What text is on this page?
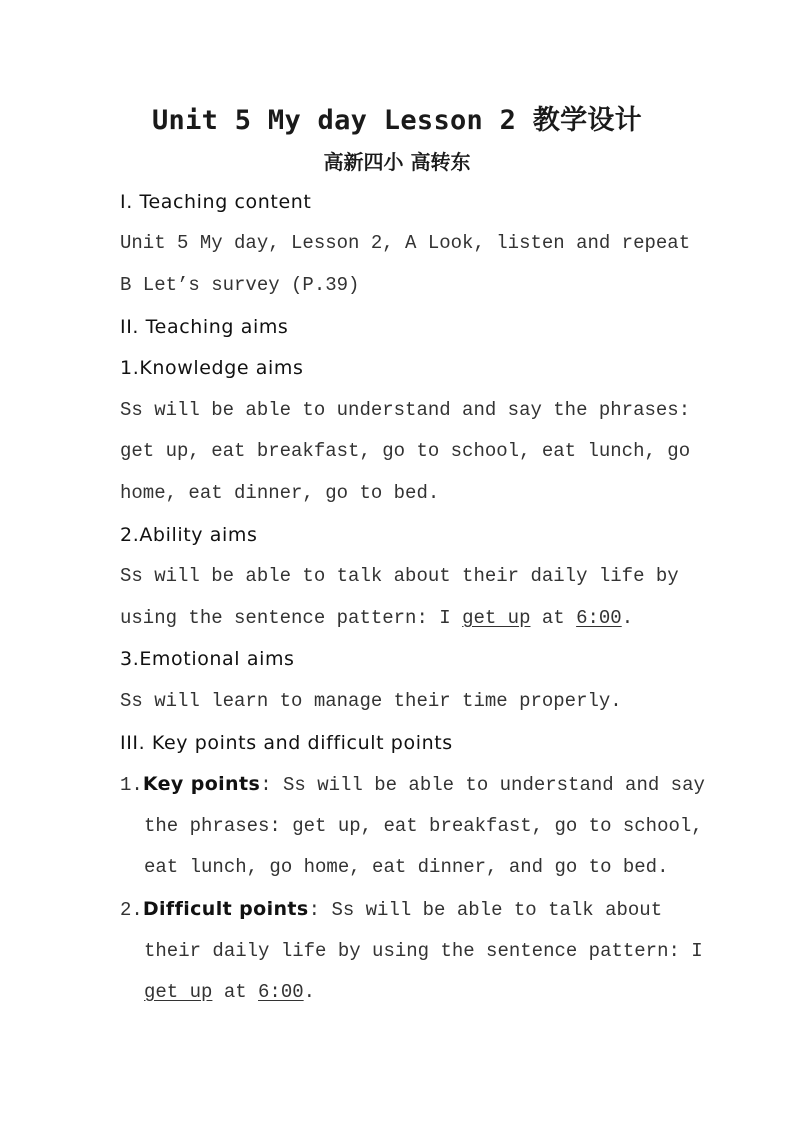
Unit 5 My day Lesson 2 教学设计
高新四小 高转东
I. Teaching content
Unit 5 My day, Lesson 2, A Look, listen and repeat
B Let’s survey (P.39)
II. Teaching aims
1.Knowledge aims
Ss will be able to understand and say the phrases:
get up, eat breakfast, go to school, eat lunch, go
home, eat dinner, go to bed.
2.Ability aims
Ss will be able to talk about their daily life by
using the sentence pattern: I get up at 6:00.
3.Emotional aims
Ss will learn to manage their time properly.
III. Key points and difficult points
1.Key points: Ss will be able to understand and say
the phrases: get up, eat breakfast, go to school,
eat lunch, go home, eat dinner, and go to bed.
2.Difficult points: Ss will be able to talk about
their daily life by using the sentence pattern: I
get up at 6:00.
